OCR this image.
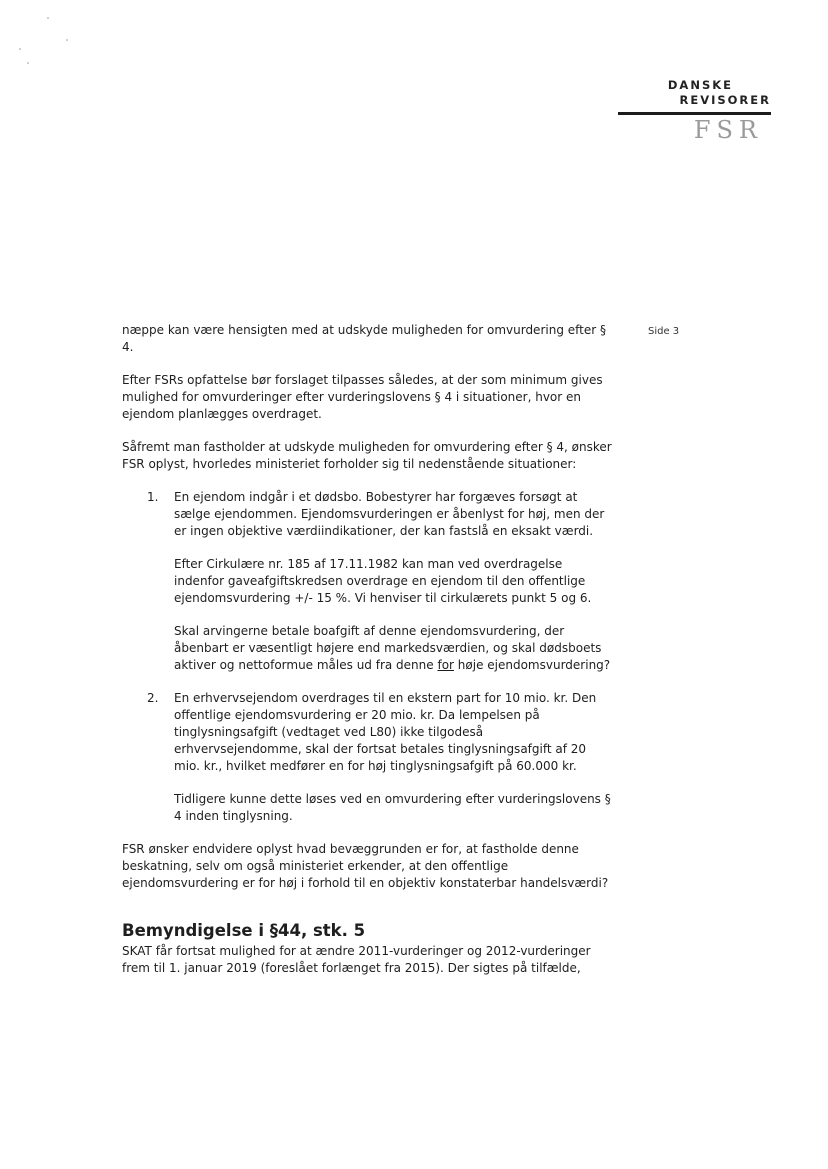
DANSKE
REVISORER
FSR
Side 3

næppe kan være hensigten med at udskyde muligheden for omvurdering efter § 4.

Efter FSRs opfattelse bør forslaget tilpasses således, at der som minimum gives mulighed for omvurderinger efter vurderingslovens § 4 i situationer, hvor en ejendom planlægges overdraget.

Såfremt man fastholder at udskyde muligheden for omvurdering efter § 4, ønsker FSR oplyst, hvorledes ministeriet forholder sig til nedenstående situationer:

1.	En ejendom indgår i et dødsbo. Bobestyrer har forgæves forsøgt at sælge ejendommen. Ejendomsvurderingen er åbenlyst for høj, men der er ingen objektive værdiindikationer, der kan fastslå en eksakt værdi.

Efter Cirkulære nr. 185 af 17.11.1982 kan man ved overdragelse indenfor gaveafgiftskredsen overdrage en ejendom til den offentlige ejendomsvurdering +/- 15 %. Vi henviser til cirkulærets punkt 5 og 6.

Skal arvingerne betale boafgift af denne ejendomsvurdering, der åbenbart er væsentligt højere end markedsværdien, og skal dødsboets aktiver og nettoformue måles ud fra denne for høje ejendomsvurdering?

2.	En erhvervsejendom overdrages til en ekstern part for 10 mio. kr. Den offentlige ejendomsvurdering er 20 mio. kr. Da lempelsen på tinglysningsafgift (vedtaget ved L80) ikke tilgodeså erhvervsejendomme, skal der fortsat betales tinglysningsafgift af 20 mio. kr., hvilket medfører en for høj tinglysningsafgift på 60.000 kr.

Tidligere kunne dette løses ved en omvurdering efter vurderingslovens § 4 inden tinglysning.

FSR ønsker endvidere oplyst hvad bevæggrunden er for, at fastholde denne beskatning, selv om også ministeriet erkender, at den offentlige ejendomsvurdering er for høj i forhold til en objektiv konstaterbar handelsværdi?

Bemyndigelse i §44, stk. 5

SKAT får fortsat mulighed for at ændre 2011-vurderinger og 2012-vurderinger frem til 1. januar 2019 (foreslået forlænget fra 2015). Der sigtes på tilfælde,
